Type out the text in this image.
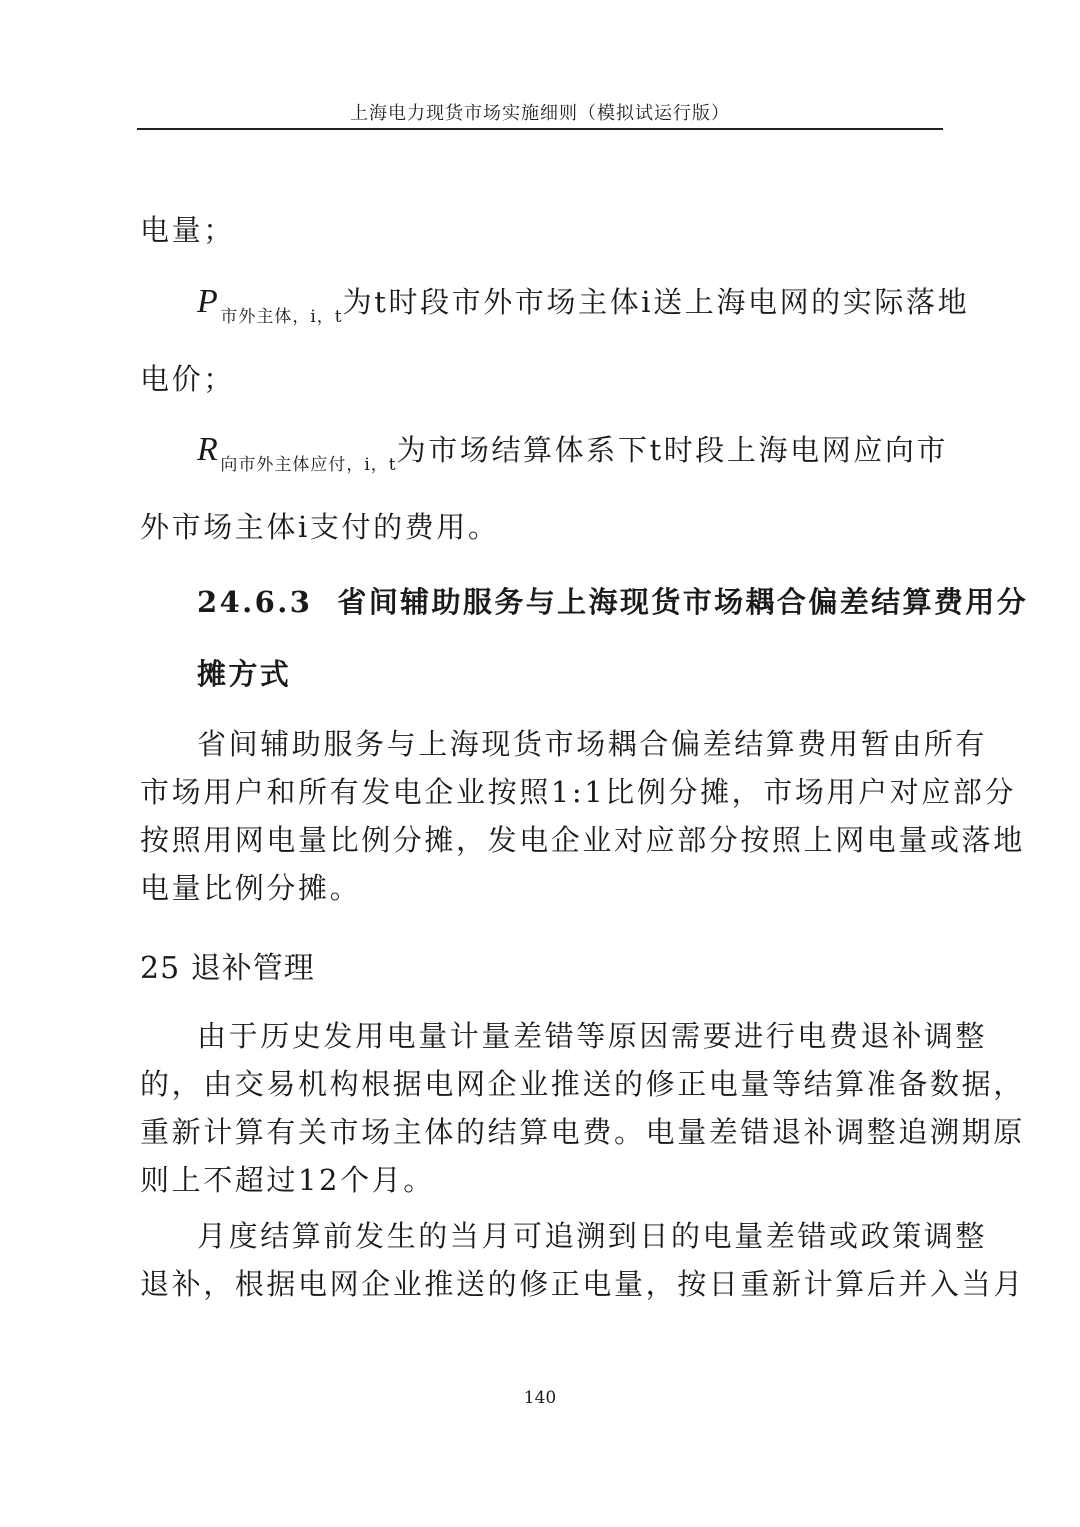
上海电力现货市场实施细则（模拟试运行版）
电量；
$P_{市外主体,i,t}$为t时段市外市场主体i送上海电网的实际落地
电价；
$R_{向市外主体应付,i,t}$为市场结算体系下t时段上海电网应向市
外市场主体i支付的费用。
24.6.3 省间辅助服务与上海现货市场耦合偏差结算费用分
摊方式
省间辅助服务与上海现货市场耦合偏差结算费用暂由所有
市场用户和所有发电企业按照1:1比例分摊，市场用户对应部分
按照用网电量比例分摊，发电企业对应部分按照上网电量或落地
电量比例分摊。
25 退补管理
由于历史发用电量计量差错等原因需要进行电费退补调整
的，由交易机构根据电网企业推送的修正电量等结算准备数据，
重新计算有关市场主体的结算电费。电量差错退补调整追溯期原
则上不超过12个月。
月度结算前发生的当月可追溯到日的电量差错或政策调整
退补，根据电网企业推送的修正电量，按日重新计算后并入当月
140
